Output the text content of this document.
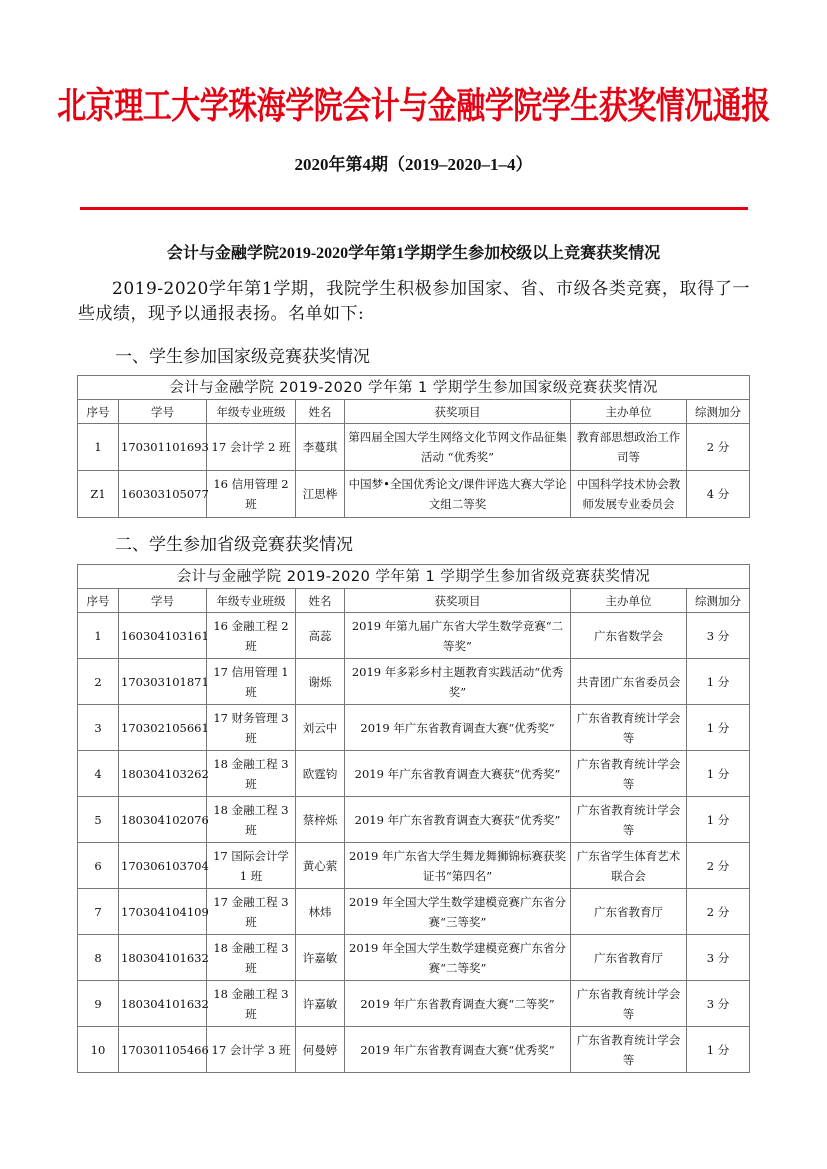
北京理工大学珠海学院会计与金融学院学生获奖情况通报
2020年第4期（2019–2020–1–4）
会计与金融学院2019-2020学年第1学期学生参加校级以上竞赛获奖情况
2019-2020学年第1学期，我院学生积极参加国家、省、市级各类竞赛，取得了一些成绩，现予以通报表扬。名单如下:
一、学生参加国家级竞赛获奖情况
会计与金融学院 2019-2020 学年第 1 学期学生参加国家级竞赛获奖情况						
序号	学号	年级专业班级	姓名	获奖项目	主办单位	综测加分
1	170301101693	17 会计学 2 班	李蔓琪	第四届全国大学生网络文化节网文作品征集活动 “优秀奖”	教育部思想政治工作司等	2 分
Z1	160303105077	16 信用管理 2 班	江思桦	中国梦•全国优秀论文/课件评选大赛大学论文组二等奖	中国科学技术协会教师发展专业委员会	4 分
二、学生参加省级竞赛获奖情况
会计与金融学院 2019-2020 学年第 1 学期学生参加省级竞赛获奖情况						
序号	学号	年级专业班级	姓名	获奖项目	主办单位	综测加分
1	160304103161	16 金融工程 2 班	高蕊	2019 年第九届广东省大学生数学竞赛“二等奖”	广东省数学会	3 分
2	170303101871	17 信用管理 1 班	谢烁	2019 年多彩乡村主题教育实践活动“优秀奖”	共青团广东省委员会	1 分
3	170302105661	17 财务管理 3 班	刘云中	2019 年广东省教育调查大赛“优秀奖”	广东省教育统计学会等	1 分
4	180304103262	18 金融工程 3 班	欧霆钧	2019 年广东省教育调查大赛获“优秀奖”	广东省教育统计学会等	1 分
5	180304102076	18 金融工程 3 班	蔡梓烁	2019 年广东省教育调查大赛获“优秀奖”	广东省教育统计学会等	1 分
6	170306103704	17 国际会计学 1 班	黄心萦	2019 年广东省大学生舞龙舞狮锦标赛获奖证书“第四名”	广东省学生体育艺术联合会	2 分
7	170304104109	17 金融工程 3 班	林炜	2019 年全国大学生数学建模竞赛广东省分赛“三等奖”	广东省教育厅	2 分
8	180304101632	18 金融工程 3 班	许嘉敏	2019 年全国大学生数学建模竞赛广东省分赛“二等奖”	广东省教育厅	3 分
9	180304101632	18 金融工程 3 班	许嘉敏	2019 年广东省教育调查大赛“二等奖”	广东省教育统计学会等	3 分
10	170301105466	17 会计学 3 班	何曼婷	2019 年广东省教育调查大赛“优秀奖”	广东省教育统计学会等	1 分
